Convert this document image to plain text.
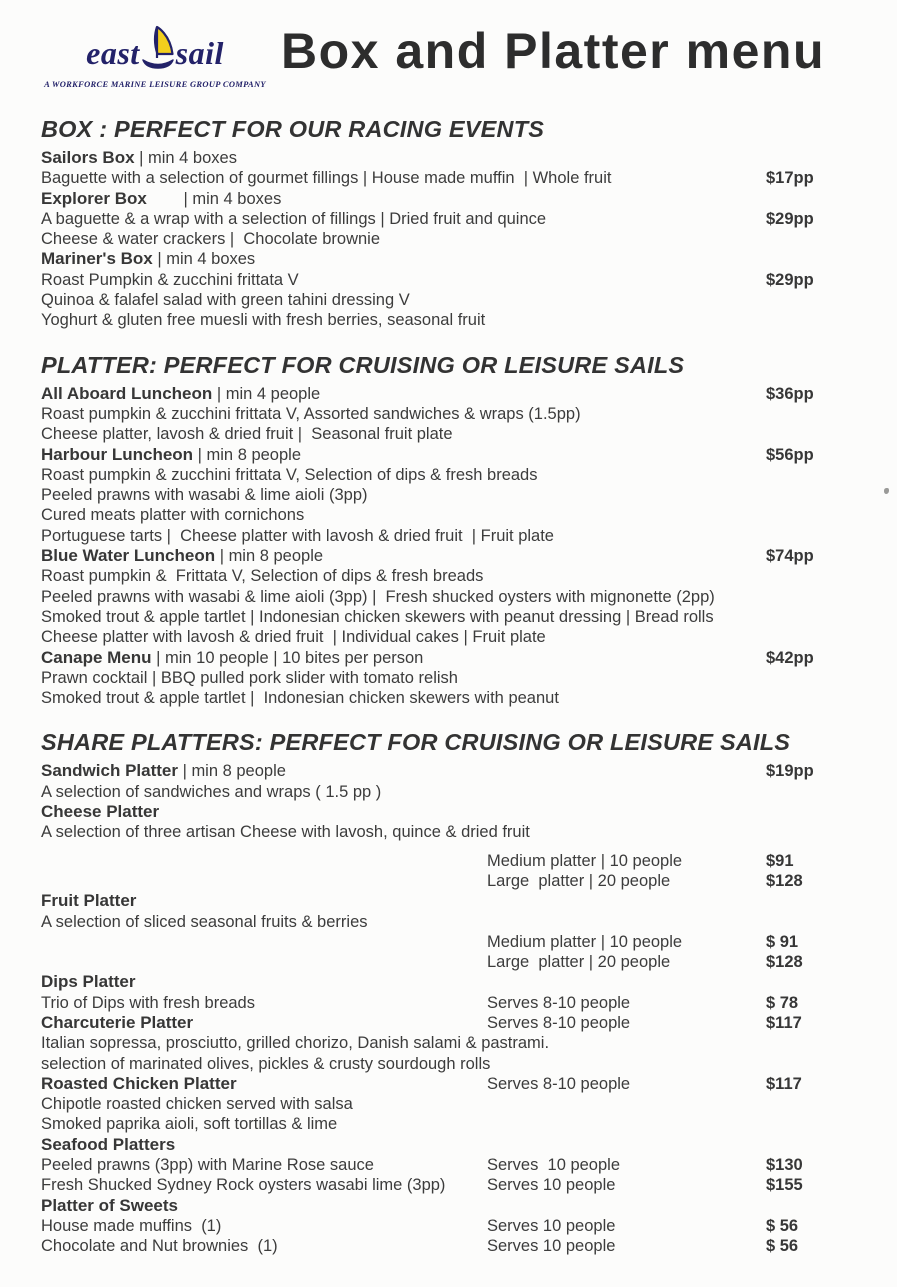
east sail
A WORKFORCE MARINE LEISURE GROUP COMPANY
Box and Platter menu
BOX : PERFECT FOR OUR RACING EVENTS
Sailors Box | min 4 boxes
Baguette with a selection of gourmet fillings | House made muffin  | Whole fruit	$17pp
Explorer Box        | min 4 boxes
A baguette & a wrap with a selection of fillings | Dried fruit and quince	$29pp
Cheese & water crackers |  Chocolate brownie
Mariner's Box | min 4 boxes
Roast Pumpkin & zucchini frittata V	$29pp
Quinoa & falafel salad with green tahini dressing V
Yoghurt & gluten free muesli with fresh berries, seasonal fruit
PLATTER: PERFECT FOR CRUISING OR LEISURE SAILS
All Aboard Luncheon | min 4 people	$36pp
Roast pumpkin & zucchini frittata V, Assorted sandwiches & wraps (1.5pp)
Cheese platter, lavosh & dried fruit |  Seasonal fruit plate
Harbour Luncheon | min 8 people	$56pp
Roast pumpkin & zucchini frittata V, Selection of dips & fresh breads
Peeled prawns with wasabi & lime aioli (3pp)
Cured meats platter with cornichons
Portuguese tarts |  Cheese platter with lavosh & dried fruit  | Fruit plate
Blue Water Luncheon | min 8 people	$74pp
Roast pumpkin &  Frittata V, Selection of dips & fresh breads
Peeled prawns with wasabi & lime aioli (3pp) |  Fresh shucked oysters with mignonette (2pp)
Smoked trout & apple tartlet | Indonesian chicken skewers with peanut dressing | Bread rolls
Cheese platter with lavosh & dried fruit  | Individual cakes | Fruit plate
Canape Menu | min 10 people | 10 bites per person	$42pp
Prawn cocktail | BBQ pulled pork slider with tomato relish
Smoked trout & apple tartlet |  Indonesian chicken skewers with peanut
SHARE PLATTERS: PERFECT FOR CRUISING OR LEISURE SAILS
Sandwich Platter | min 8 people	$19pp
A selection of sandwiches and wraps ( 1.5 pp )
Cheese Platter
A selection of three artisan Cheese with lavosh, quince & dried fruit
Medium platter | 10 people	$91
Large  platter | 20 people	$128
Fruit Platter
A selection of sliced seasonal fruits & berries
Medium platter | 10 people	$ 91
Large  platter | 20 people	$128
Dips Platter
Trio of Dips with fresh breads	Serves 8-10 people	$ 78
Charcuterie Platter	Serves 8-10 people	$117
Italian sopressa, prosciutto, grilled chorizo, Danish salami & pastrami.
selection of marinated olives, pickles & crusty sourdough rolls
Roasted Chicken Platter	Serves 8-10 people	$117
Chipotle roasted chicken served with salsa
Smoked paprika aioli, soft tortillas & lime
Seafood Platters
Peeled prawns (3pp) with Marine Rose sauce	Serves  10 people	$130
Fresh Shucked Sydney Rock oysters wasabi lime (3pp)	Serves 10 people	$155
Platter of Sweets
House made muffins  (1)	Serves 10 people	$ 56
Chocolate and Nut brownies  (1)	Serves 10 people	$ 56
